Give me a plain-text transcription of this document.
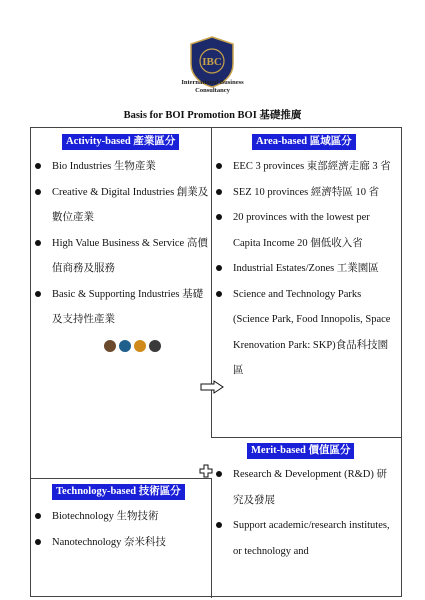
IBC
International Business
Consultancy
Basis for BOI Promotion BOI 基礎推廣
Activity-based 產業區分
Bio Industries 生物產業
Creative & Digital Industries 創業及數位產業
High Value Business & Service 高價值商務及服務
Basic & Supporting Industries 基礎及支持性產業
Area-based 區域區分
EEC 3 provinces 東部經濟走廊 3 省
SEZ 10 provinces 經濟特區 10 省
20 provinces with the lowest per Capita Income 20 個低收入省
Industrial Estates/Zones 工業園區
Science and Technology Parks (Science Park, Food Innopolis, Space Krenovation Park: SKP)食品科技園區
Merit-based 價值區分
Research & Development (R&D) 研究及發展
Support academic/research institutes, or technology and
Technology-based 技術區分
Biotechnology 生物技術
Nanotechnology 奈米科技
